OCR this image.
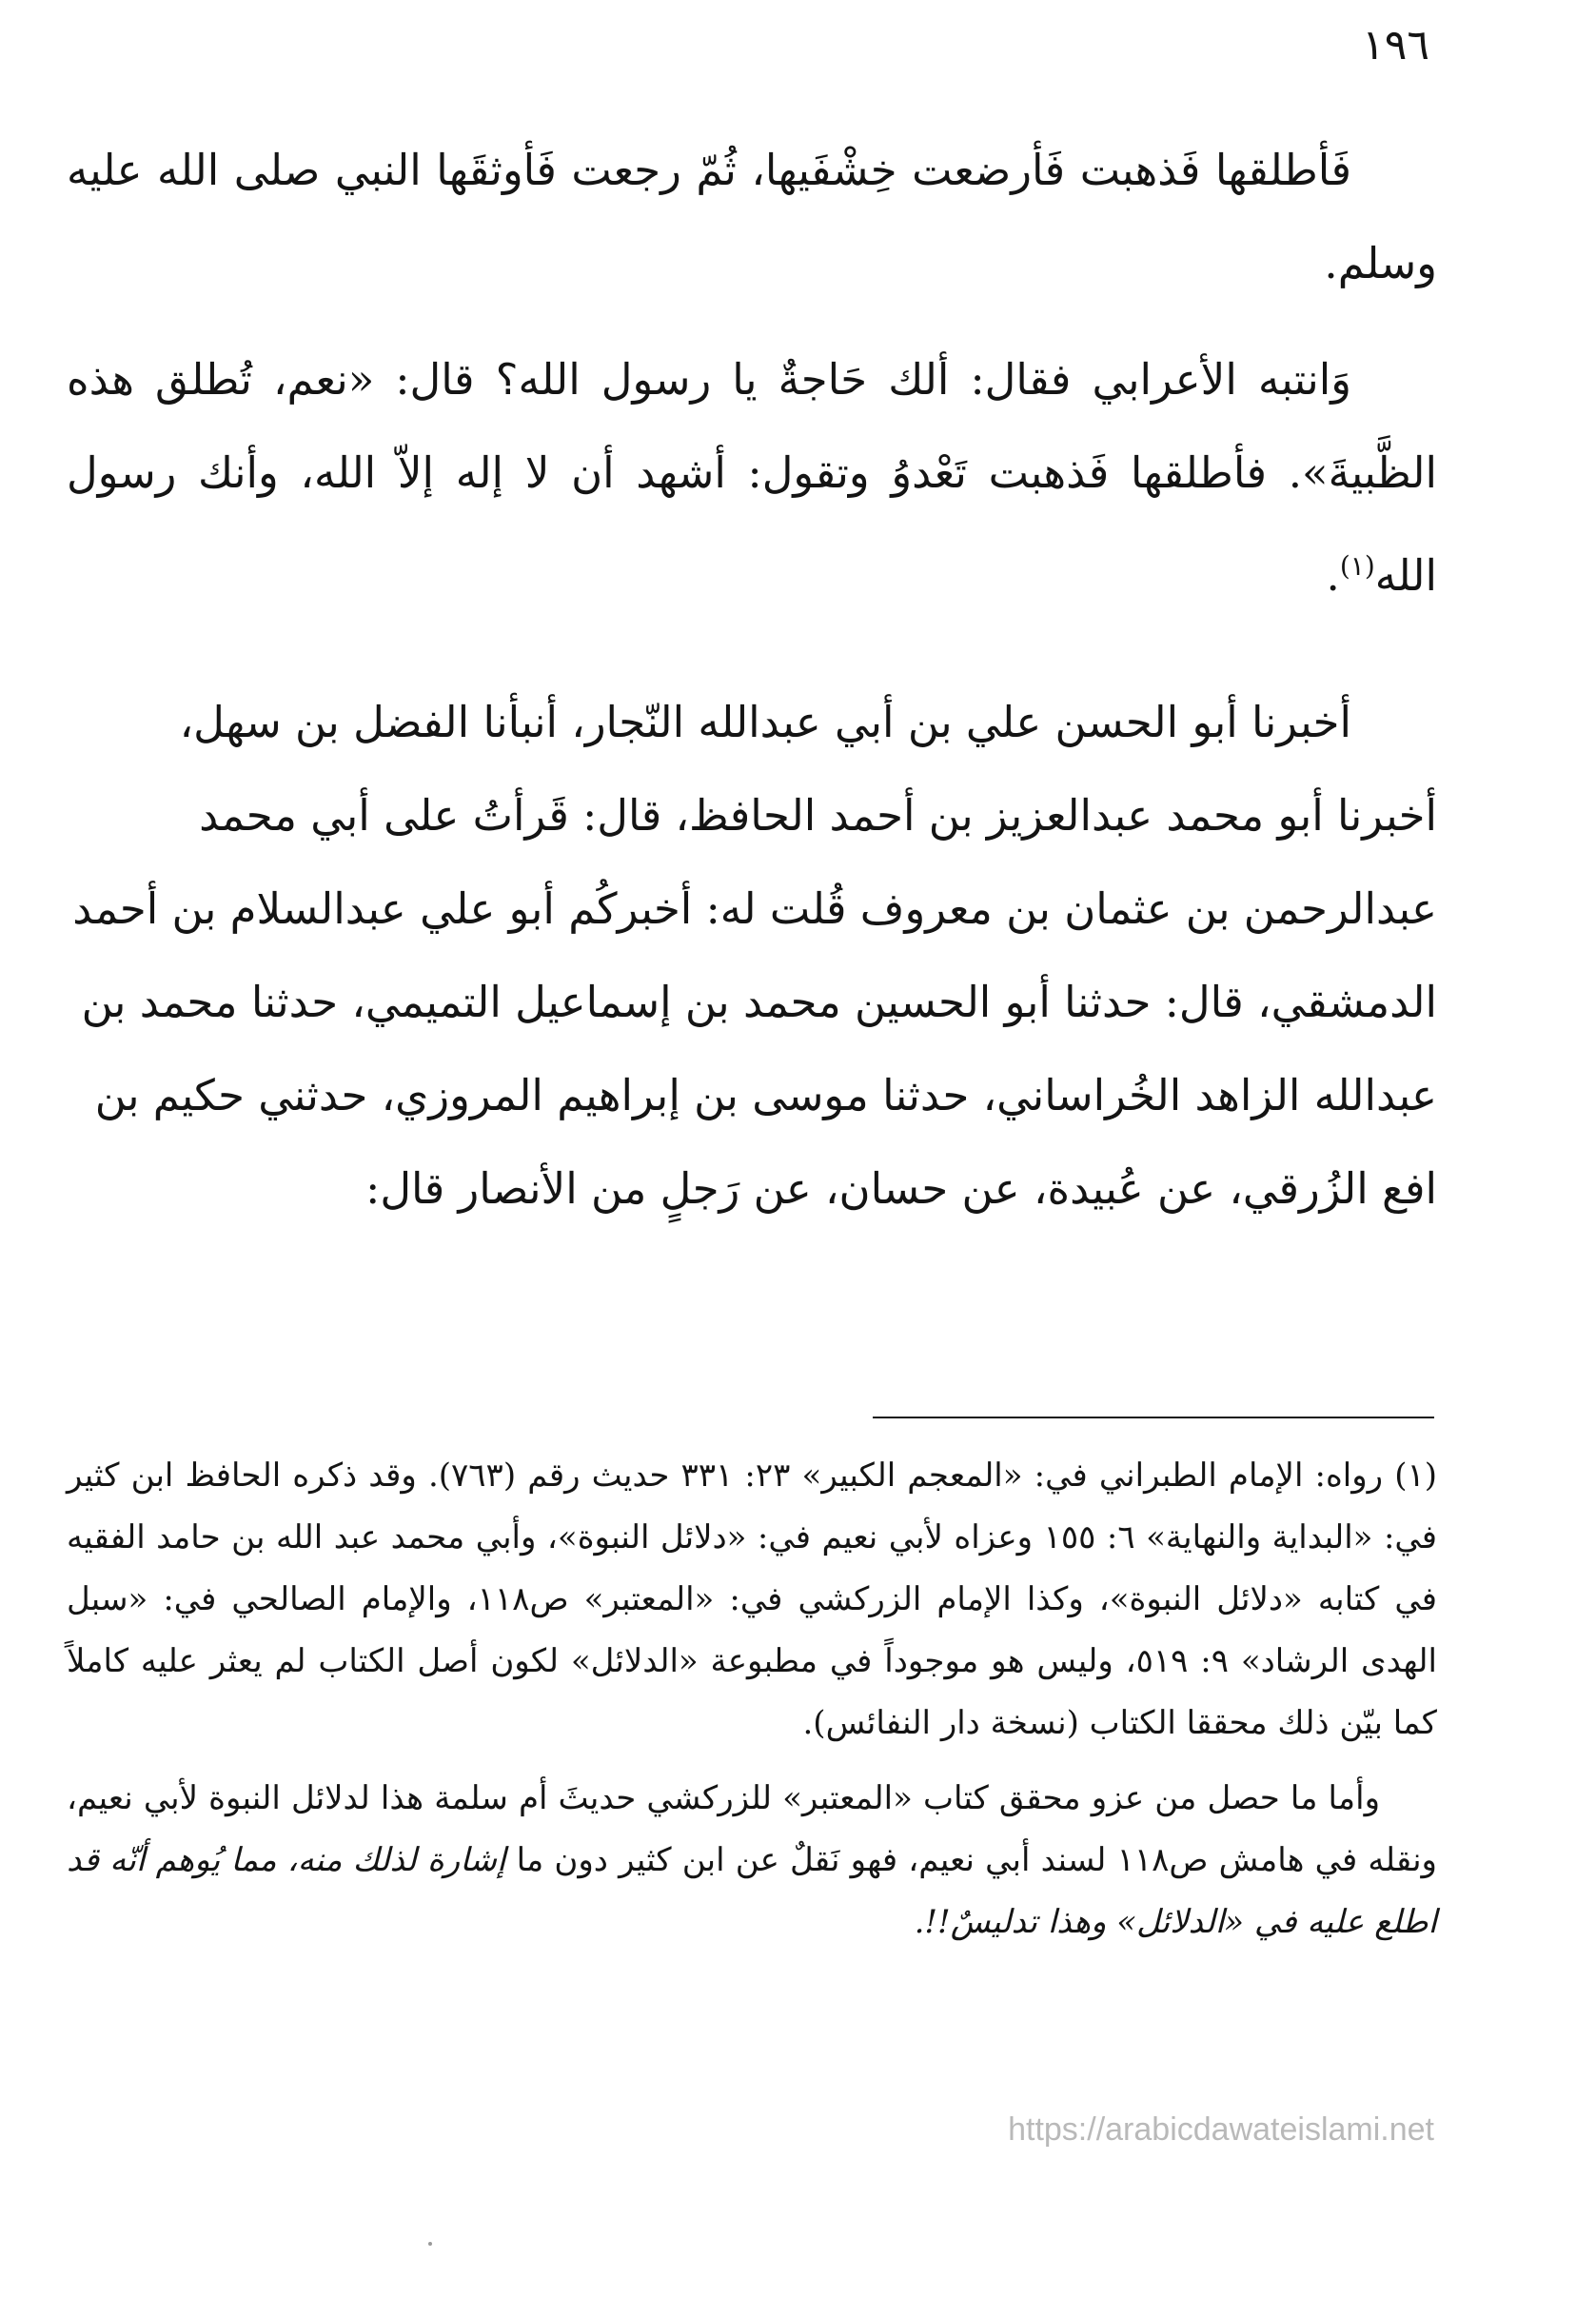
١٩٦

فَأطلقها فَذهبت فَأرضعت خِشْفَيها، ثُمّ رجعت فَأوثقَها النبي صلى الله عليه وسلم.

وَانتبه الأعرابي فقال: ألك حَاجةٌ يا رسول الله؟ قال: «نعم، تُطلق هذه الظَّبيةَ». فأطلقها فَذهبت تَعْدوُ وتقول: أشهد أن لا إله إلاّ الله، وأنك رسول الله$^{(١)}$.

أخبرنا أبو الحسن علي بن أبي عبدالله النّجار، أنبأنا الفضل بن سهل، أخبرنا أبو محمد عبدالعزيز بن أحمد الحافظ، قال: قَرأتُ على أبي محمد عبدالرحمن بن عثمان بن معروف قُلت له: أخبركُم أبو علي عبدالسلام بن أحمد الدمشقي، قال: حدثنا أبو الحسين محمد بن إسماعيل التميمي، حدثنا محمد بن عبدالله الزاهد الخُراساني، حدثنا موسى بن إبراهيم المروزي، حدثني حكيم بن افع الزُرقي، عن عُبيدة، عن حسان، عن رَجلٍ من الأنصار قال:

(١) رواه: الإمام الطبراني في: «المعجم الكبير» ٢٣: ٣٣١ حديث رقم (٧٦٣). وقد ذكره الحافظ ابن كثير في: «البداية والنهاية» ٦: ١٥٥ وعزاه لأبي نعيم في: «دلائل النبوة»، وأبي محمد عبد الله بن حامد الفقيه في كتابه «دلائل النبوة»، وكذا الإمام الزركشي في: «المعتبر» ص١١٨، والإمام الصالحي في: «سبل الهدى الرشاد» ٩: ٥١٩، وليس هو موجوداً في مطبوعة «الدلائل» لكون أصل الكتاب لم يعثر عليه كاملاً كما بيّن ذلك محققا الكتاب (نسخة دار النفائس).

وأما ما حصل من عزو محقق كتاب «المعتبر» للزركشي حديثَ أم سلمة هذا لدلائل النبوة لأبي نعيم، ونقله في هامش ص١١٨ لسند أبي نعيم، فهو نَقلٌ عن ابن كثير دون ما إشارة لذلك منه، مما يُوهم أنّه قد اطلع عليه في «الدلائل» وهذا تدليسٌ!!.

https://arabicdawateislami.net
